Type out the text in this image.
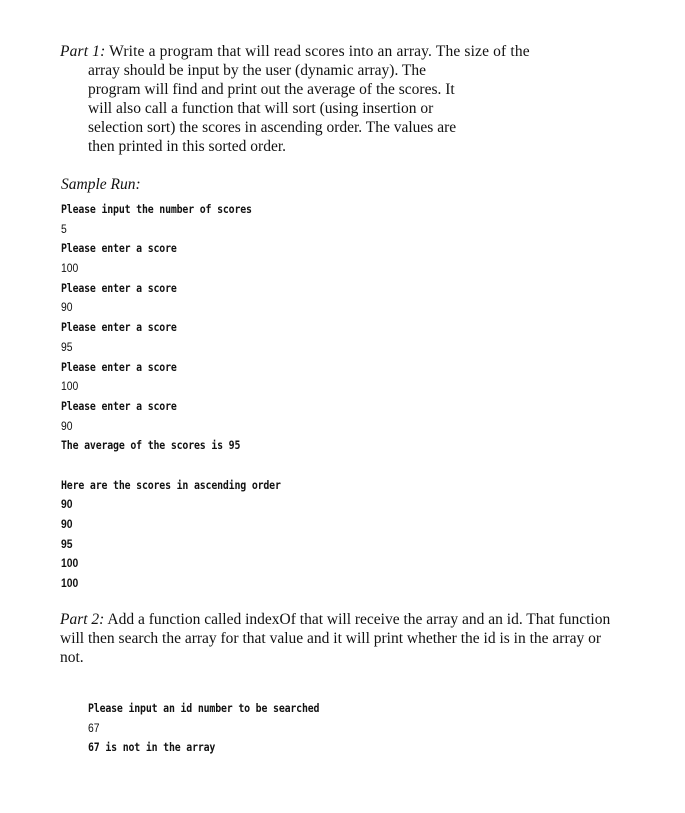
Part 1: Write a program that will read scores into an array. The size of the
array should be input by the user (dynamic array). The
program will find and print out the average of the scores. It
will also call a function that will sort (using insertion or
selection sort) the scores in ascending order. The values are
then printed in this sorted order.
Sample Run:
Please input the number of scores
5
Please enter a score
100
Please enter a score
90
Please enter a score
95
Please enter a score
100
Please enter a score
90
The average of the scores is 95
Here are the scores in ascending order
90
90
95
100
100
Part 2: Add a function called indexOf that will receive the array and an id. That function
will then search the array for that value and it will print whether the id is in the array or
not.
Please input an id number to be searched
67
67 is not in the array
